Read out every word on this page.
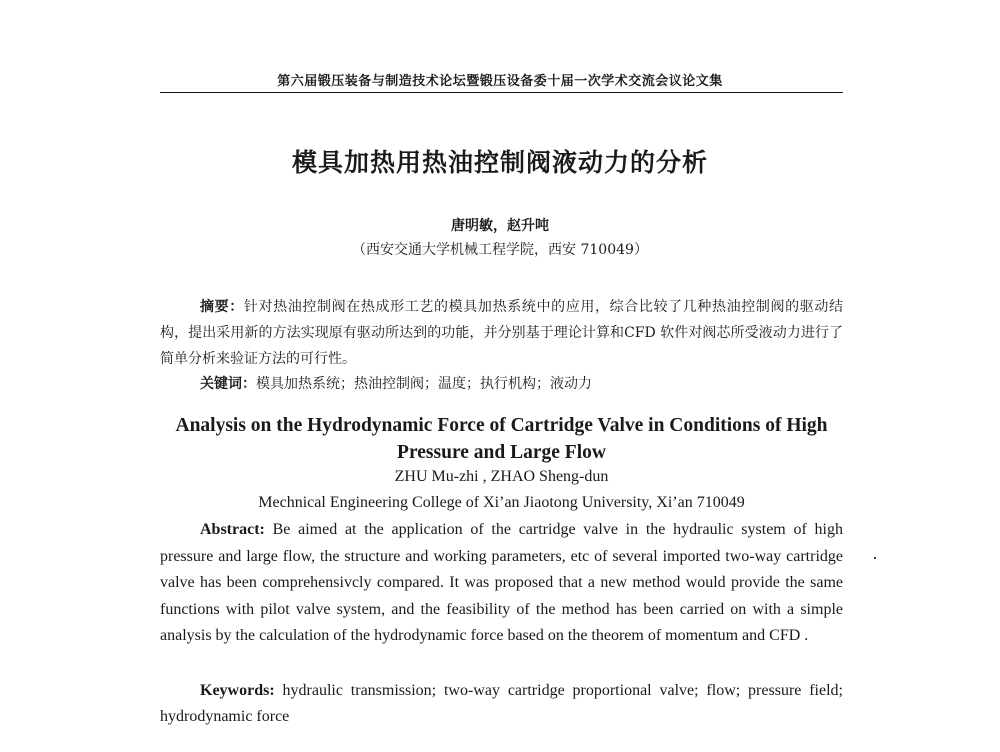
第六届锻压装备与制造技术论坛暨锻压设备委十届一次学术交流会议论文集
模具加热用热油控制阀液动力的分析
唐明敏，赵升吨
（西安交通大学机械工程学院，西安 710049）
摘要：针对热油控制阀在热成形工艺的模具加热系统中的应用，综合比较了几种热油控制阀的驱动结构，提出采用新的方法实现原有驱动所达到的功能，并分别基于理论计算和CFD 软件对阀芯所受液动力进行了简单分析来验证方法的可行性。
关键词：模具加热系统；热油控制阀；温度；执行机构；液动力
Analysis on the Hydrodynamic Force of Cartridge Valve in Conditions of High Pressure and Large Flow
ZHU Mu-zhi , ZHAO Sheng-dun
Mechnical Engineering College of Xi’an Jiaotong University, Xi’an 710049
Abstract: Be aimed at the application of the cartridge valve in the hydraulic system of high pressure and large flow, the structure and working parameters, etc of several imported two-way cartridge valve has been comprehensivcly compared. It was proposed that a new method would provide the same functions with pilot valve system, and the feasibility of the method has been carried on with a simple analysis by the calculation of the hydrodynamic force based on the theorem of momentum and CFD .
Keywords: hydraulic transmission; two-way cartridge proportional valve; flow; pressure field; hydrodynamic force
